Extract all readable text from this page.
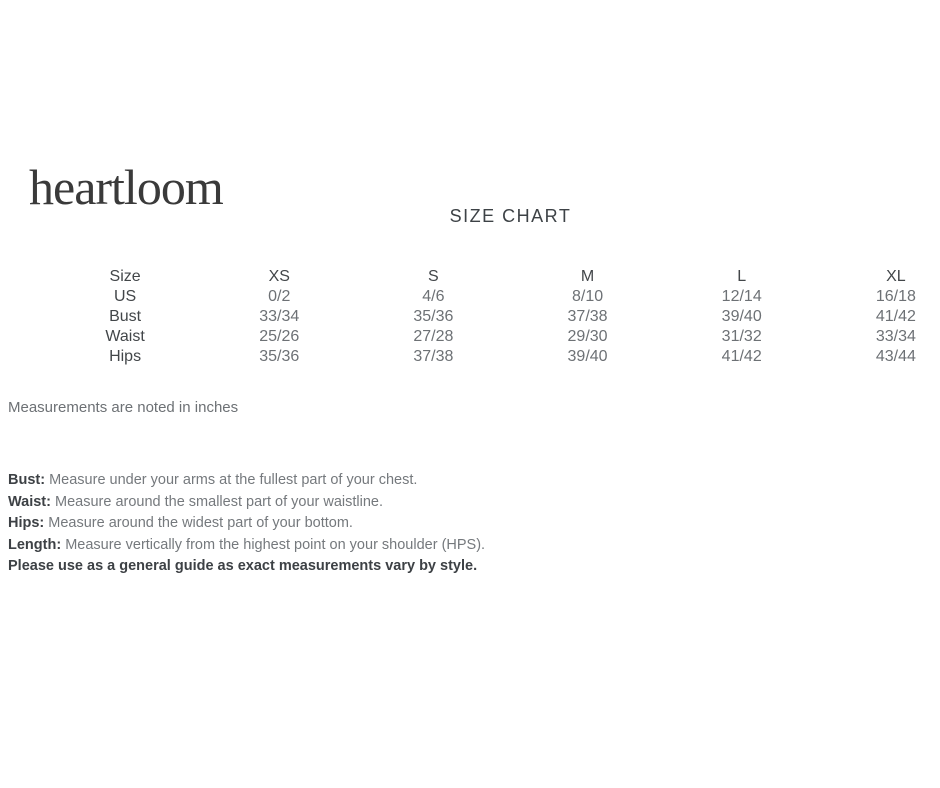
heartloom
SIZE CHART
Size	XS	S	M	L	XL
US	0/2	4/6	8/10	12/14	16/18
Bust	33/34	35/36	37/38	39/40	41/42
Waist	25/26	27/28	29/30	31/32	33/34
Hips	35/36	37/38	39/40	41/42	43/44

Measurements are noted in inches

Bust: Measure under your arms at the fullest part of your chest.

Waist: Measure around the smallest part of your waistline.

Hips: Measure around the widest part of your bottom.

Length: Measure vertically from the highest point on your shoulder (HPS).

Please use as a general guide as exact measurements vary by style.
